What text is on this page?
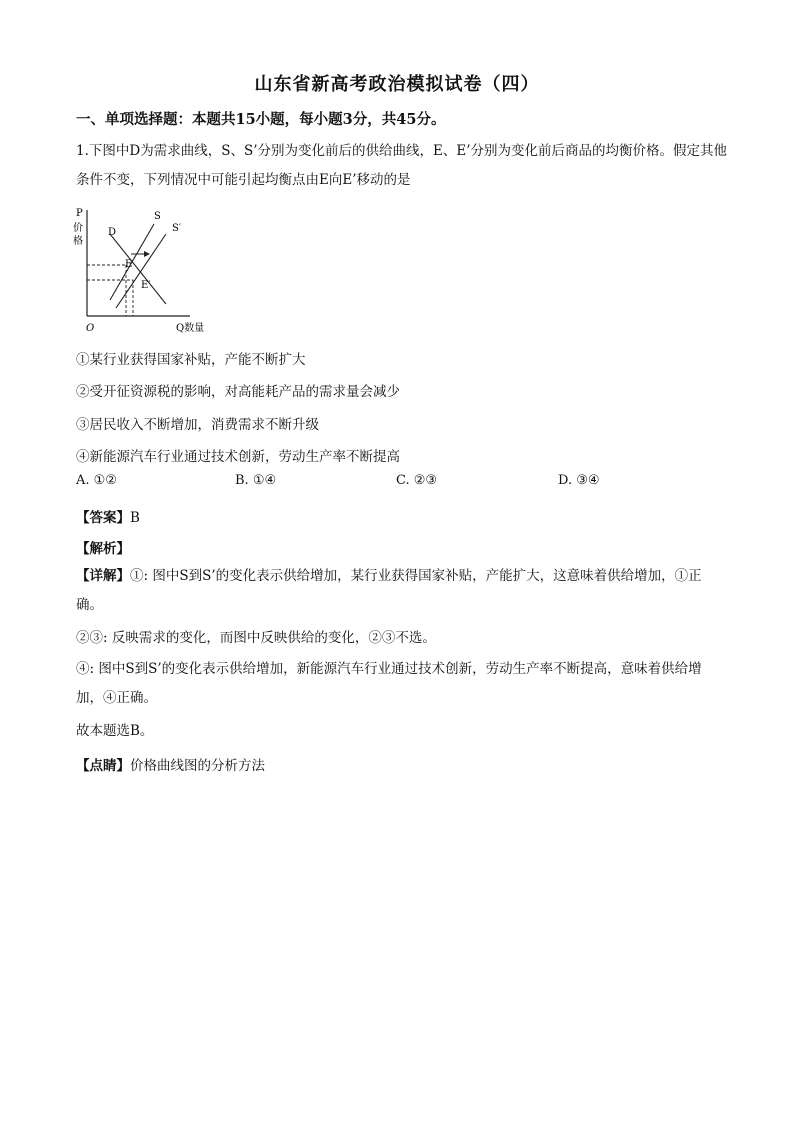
山东省新高考政治模拟试卷（四）
一、单项选择题：本题共15小题，每小题3分，共45分。
1.下图中D为需求曲线，S、S’分别为变化前后的供给曲线，E、E’分别为变化前后商品的均衡价格。假定其他条件不变，下列情况中可能引起均衡点由E向E’移动的是
P
价
格
D
S
S′
E
E′
O	Q数量
①某行业获得国家补贴，产能不断扩大
②受开征资源税的影响，对高能耗产品的需求量会减少
③居民收入不断增加，消费需求不断升级
④新能源汽车行业通过技术创新，劳动生产率不断提高
A. ①②	B. ①④	C. ②③	D. ③④
【答案】B
【解析】
【详解】①: 图中S到S’的变化表示供给增加，某行业获得国家补贴，产能扩大，这意味着供给增加，①正确。
②③: 反映需求的变化，而图中反映供给的变化，②③不选。
④: 图中S到S’的变化表示供给增加，新能源汽车行业通过技术创新，劳动生产率不断提高，意味着供给增加，④正确。
故本题选B。
【点睛】价格曲线图的分析方法
